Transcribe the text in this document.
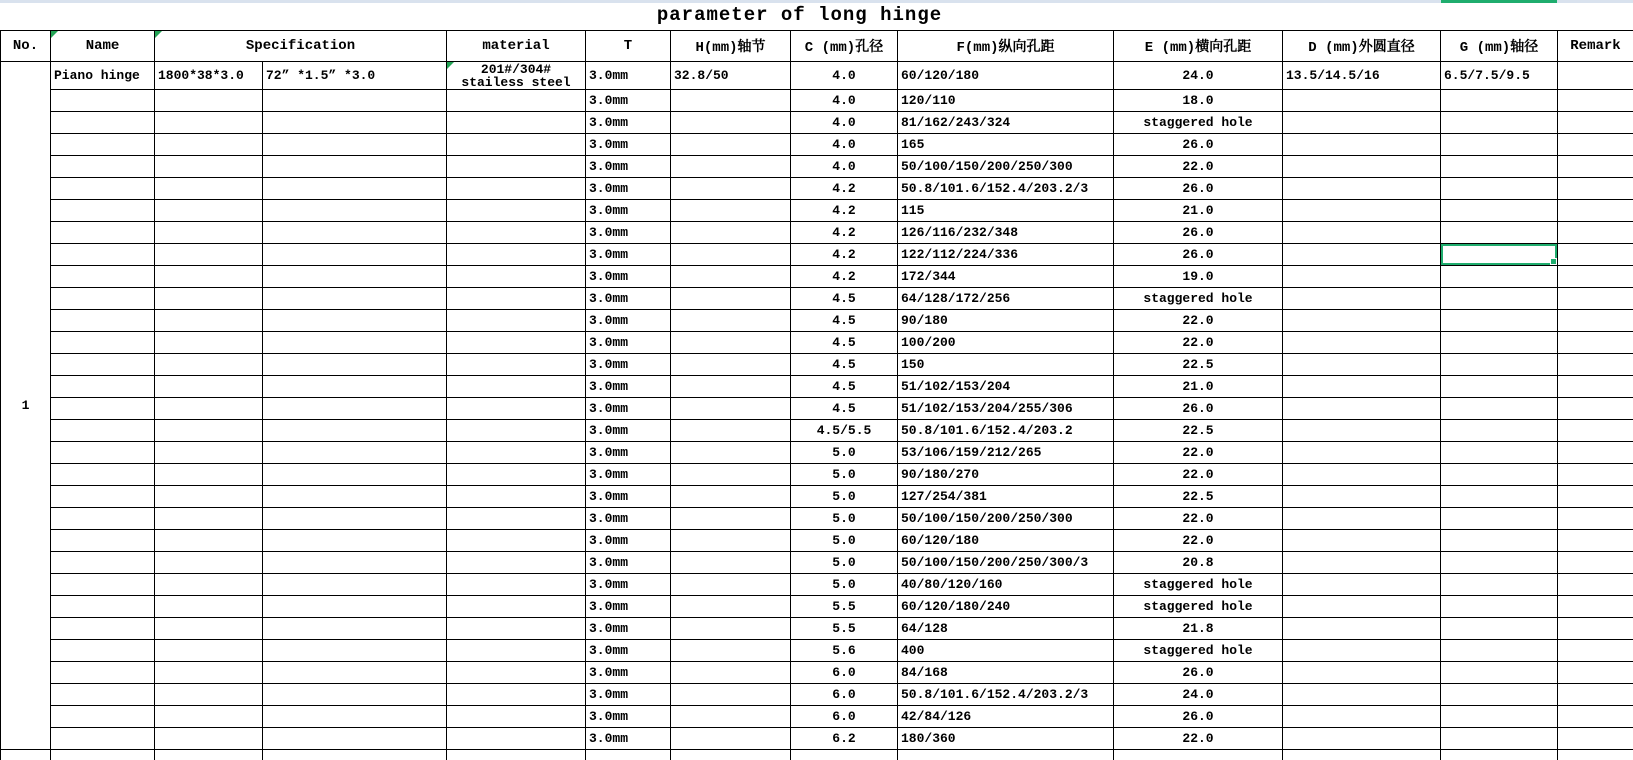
parameter of long hinge
No.	Name	Specification		material	T	H(mm)轴节	C (mm)孔径	F(mm)纵向孔距	E (mm)横向孔距	D (mm)外圆直径	G (mm)轴径	Remark
1	Piano hinge	1800*38*3.0	72” *1.5” *3.0	201#/304#
stailess steel	3.0mm	32.8/50	4.0	60/120/180	24.0	13.5/14.5/16	6.5/7.5/9.5	
					3.0mm		4.0	120/110	18.0			
					3.0mm		4.0	81/162/243/324	staggered hole			
					3.0mm		4.0	165	26.0			
					3.0mm		4.0	50/100/150/200/250/300	22.0			
					3.0mm		4.2	50.8/101.6/152.4/203.2/3	26.0			
					3.0mm		4.2	115	21.0			
					3.0mm		4.2	126/116/232/348	26.0			
					3.0mm		4.2	122/112/224/336	26.0		

					3.0mm		4.2	172/344	19.0			
					3.0mm		4.5	64/128/172/256	staggered hole			
					3.0mm		4.5	90/180	22.0			
					3.0mm		4.5	100/200	22.0			
					3.0mm		4.5	150	22.5			
					3.0mm		4.5	51/102/153/204	21.0			
					3.0mm		4.5	51/102/153/204/255/306	26.0			
					3.0mm		4.5/5.5	50.8/101.6/152.4/203.2	22.5			
					3.0mm		5.0	53/106/159/212/265	22.0			
					3.0mm		5.0	90/180/270	22.0			
					3.0mm		5.0	127/254/381	22.5			
					3.0mm		5.0	50/100/150/200/250/300	22.0			
					3.0mm		5.0	60/120/180	22.0			
					3.0mm		5.0	50/100/150/200/250/300/3	20.8			
					3.0mm		5.0	40/80/120/160	staggered hole			
					3.0mm		5.5	60/120/180/240	staggered hole			
					3.0mm		5.5	64/128	21.8			
					3.0mm		5.6	400	staggered hole			
					3.0mm		6.0	84/168	26.0			
					3.0mm		6.0	50.8/101.6/152.4/203.2/3	24.0			
					3.0mm		6.0	42/84/126	26.0			
					3.0mm		6.2	180/360	22.0			
